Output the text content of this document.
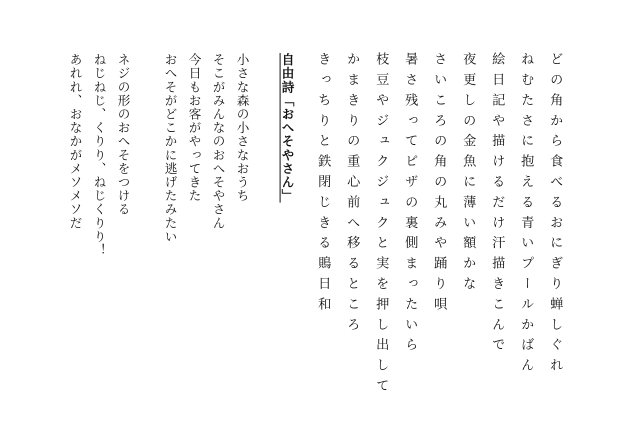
どの角から食べるおにぎり蝉しぐれ
ねむたさに抱える青いプールかばん
絵日記や描けるだけ汗描きこんで
夜更しの金魚に薄い額かな
さいころの角の丸みや踊り唄
暑さ残ってピザの裏側まったいら
枝豆やジュクジュクと実を押し出して
かまきりの重心前へ移るところ
きっちりと鉄閉じきる鵙日和
自由詩「おへそやさん」
小さな森の小さなおうち
そこがみんなのおへそやさん
今日もお客がやってきた
おへそがどこかに逃げたみたい
ネジの形のおへそをつける
ねじねじ、くりり、ねじくりり！
あれれ、おなかがメソメソだ
